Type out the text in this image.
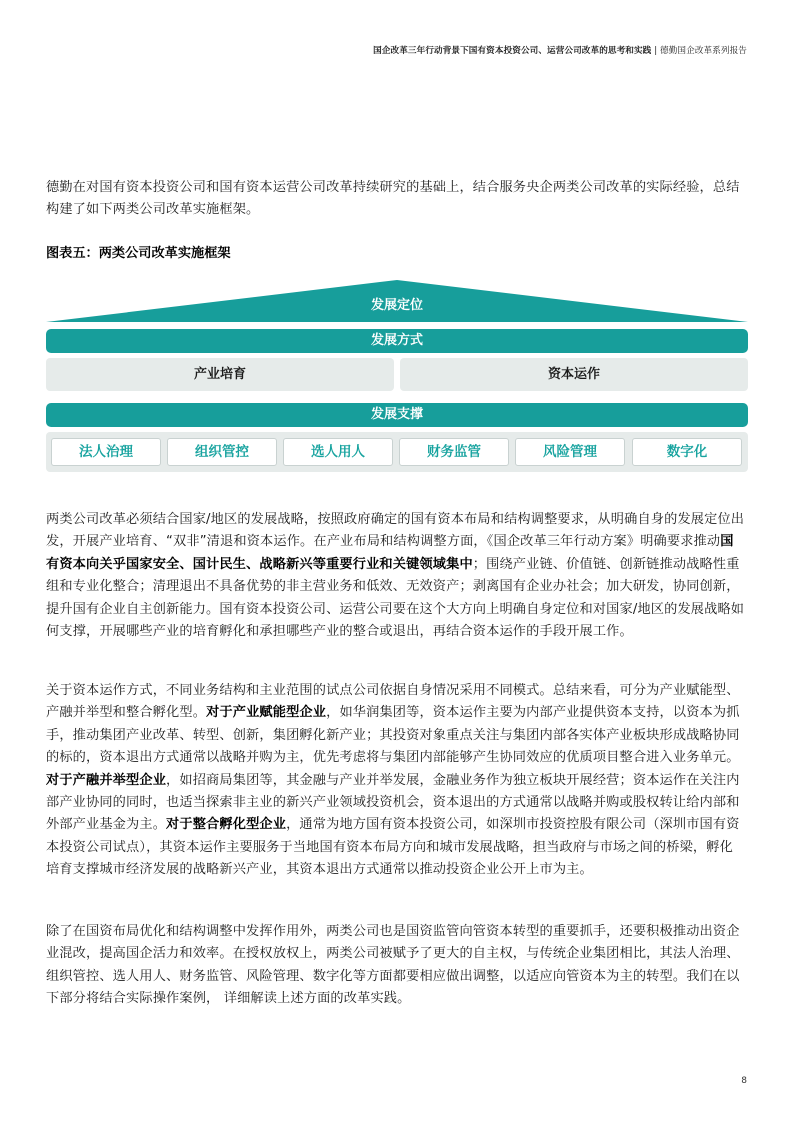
国企改革三年行动背景下国有资本投资公司、运营公司改革的思考和实践 | 德勤国企改革系列报告
德勤在对国有资本投资公司和国有资本运营公司改革持续研究的基础上，结合服务央企两类公司改革的实际经验，总结构建了如下两类公司改革实施框架。
图表五：两类公司改革实施框架
发展定位
发展方式
产业培育	资本运作
发展支撑
法人治理	组织管控	选人用人	财务监管	风险管理	数字化
两类公司改革必须结合国家/地区的发展战略，按照政府确定的国有资本布局和结构调整要求，从明确自身的发展定位出发，开展产业培育、“双非”清退和资本运作。在产业布局和结构调整方面，《国企改革三年行动方案》明确要求推动国有资本向关乎国家安全、国计民生、战略新兴等重要行业和关键领域集中；围绕产业链、价值链、创新链推动战略性重组和专业化整合；清理退出不具备优势的非主营业务和低效、无效资产；剥离国有企业办社会；加大研发，协同创新，提升国有企业自主创新能力。国有资本投资公司、运营公司要在这个大方向上明确自身定位和对国家/地区的发展战略如何支撑，开展哪些产业的培育孵化和承担哪些产业的整合或退出，再结合资本运作的手段开展工作。
关于资本运作方式，不同业务结构和主业范围的试点公司依据自身情况采用不同模式。总结来看，可分为产业赋能型、产融并举型和整合孵化型。对于产业赋能型企业，如华润集团等，资本运作主要为内部产业提供资本支持，以资本为抓手，推动集团产业改革、转型、创新，集团孵化新产业；其投资对象重点关注与集团内部各实体产业板块形成战略协同的标的，资本退出方式通常以战略并购为主，优先考虑将与集团内部能够产生协同效应的优质项目整合进入业务单元。对于产融并举型企业，如招商局集团等，其金融与产业并举发展，金融业务作为独立板块开展经营；资本运作在关注内部产业协同的同时，也适当探索非主业的新兴产业领域投资机会，资本退出的方式通常以战略并购或股权转让给内部和外部产业基金为主。对于整合孵化型企业，通常为地方国有资本投资公司，如深圳市投资控股有限公司（深圳市国有资本投资公司试点），其资本运作主要服务于当地国有资本布局方向和城市发展战略，担当政府与市场之间的桥梁，孵化培育支撑城市经济发展的战略新兴产业，其资本退出方式通常以推动投资企业公开上市为主。
除了在国资布局优化和结构调整中发挥作用外，两类公司也是国资监管向管资本转型的重要抓手，还要积极推动出资企业混改，提高国企活力和效率。在授权放权上，两类公司被赋予了更大的自主权，与传统企业集团相比，其法人治理、组织管控、选人用人、财务监管、风险管理、数字化等方面都要相应做出调整，以适应向管资本为主的转型。我们在以下部分将结合实际操作案例， 详细解读上述方面的改革实践。
8
